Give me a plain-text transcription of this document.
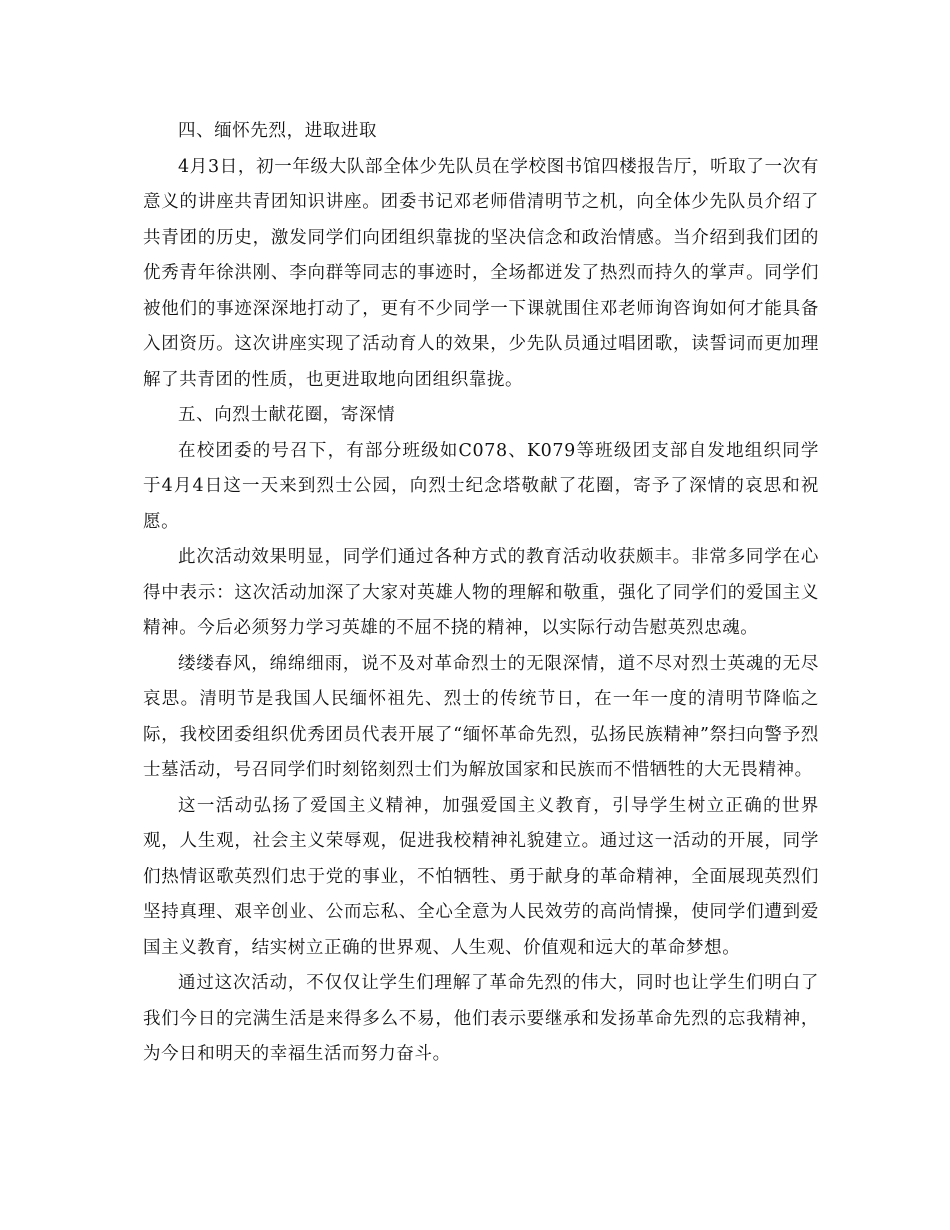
四、缅怀先烈，进取进取

4月3日，初一年级大队部全体少先队员在学校图书馆四楼报告厅，听取了一次有意义的讲座共青团知识讲座。团委书记邓老师借清明节之机，向全体少先队员介绍了共青团的历史，激发同学们向团组织靠拢的坚决信念和政治情感。当介绍到我们团的优秀青年徐洪刚、李向群等同志的事迹时，全场都迸发了热烈而持久的掌声。同学们被他们的事迹深深地打动了，更有不少同学一下课就围住邓老师询咨询如何才能具备入团资历。这次讲座实现了活动育人的效果，少先队员通过唱团歌，读誓词而更加理解了共青团的性质，也更进取地向团组织靠拢。

五、向烈士献花圈，寄深情

在校团委的号召下，有部分班级如C078、K079等班级团支部自发地组织同学于4月4日这一天来到烈士公园，向烈士纪念塔敬献了花圈，寄予了深情的哀思和祝愿。

此次活动效果明显，同学们通过各种方式的教育活动收获颇丰。非常多同学在心得中表示：这次活动加深了大家对英雄人物的理解和敬重，强化了同学们的爱国主义精神。今后必须努力学习英雄的不屈不挠的精神，以实际行动告慰英烈忠魂。

缕缕春风，绵绵细雨，说不及对革命烈士的无限深情，道不尽对烈士英魂的无尽哀思。清明节是我国人民缅怀祖先、烈士的传统节日，在一年一度的清明节降临之际，我校团委组织优秀团员代表开展了“缅怀革命先烈，弘扬民族精神”祭扫向警予烈士墓活动，号召同学们时刻铭刻烈士们为解放国家和民族而不惜牺牲的大无畏精神。

这一活动弘扬了爱国主义精神，加强爱国主义教育，引导学生树立正确的世界观，人生观，社会主义荣辱观，促进我校精神礼貌建立。通过这一活动的开展，同学们热情讴歌英烈们忠于党的事业，不怕牺牲、勇于献身的革命精神，全面展现英烈们坚持真理、艰辛创业、公而忘私、全心全意为人民效劳的高尚情操，使同学们遭到爱国主义教育，结实树立正确的世界观、人生观、价值观和远大的革命梦想。

通过这次活动，不仅仅让学生们理解了革命先烈的伟大，同时也让学生们明白了我们今日的完满生活是来得多么不易，他们表示要继承和发扬革命先烈的忘我精神，为今日和明天的幸福生活而努力奋斗。
